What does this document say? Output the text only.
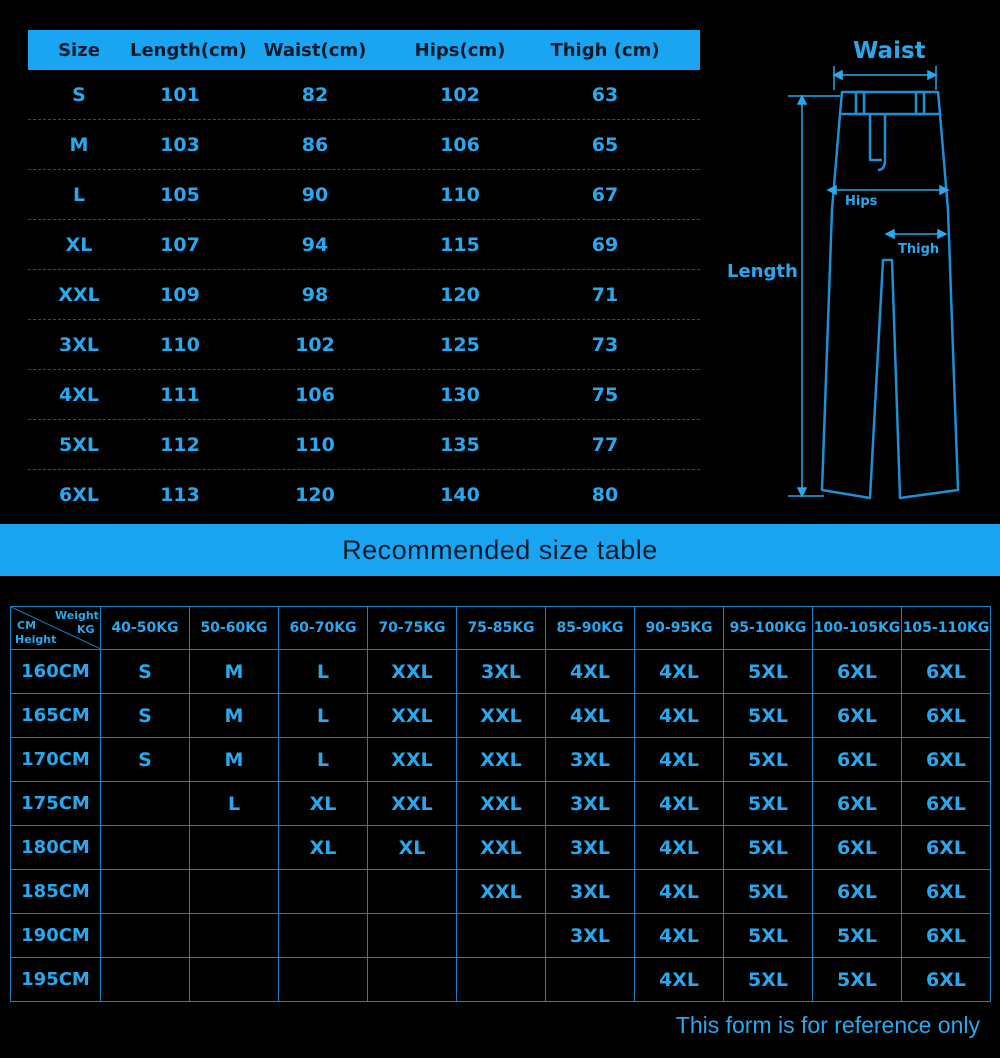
Size	Length(cm) Waist(cm)	Hips(cm)	Thigh (cm)
S	101	82	102	63
M	103	86	106	65
L	105	90	110	67
XL	107	94	115	69
XXL	109	98	120	71
3XL	110	102	125	73
4XL	111	106	130	75
5XL	112	110	135	77
6XL	113	120	140	80
Waist
Hips
Thigh
Length
Recommended size table
Weight
KG
CM
Height	40-50KG	50-60KG	60-70KG	70-75KG	75-85KG	85-90KG	90-95KG	95-100KG	100-105KG	105-110KG
160CM	S	M	L	XXL	3XL	4XL	4XL	5XL	6XL	6XL
165CM	S	M	L	XXL	XXL	4XL	4XL	5XL	6XL	6XL
170CM	S	M	L	XXL	XXL	3XL	4XL	5XL	6XL	6XL
175CM		L	XL	XXL	XXL	3XL	4XL	5XL	6XL	6XL
180CM			XL	XL	XXL	3XL	4XL	5XL	6XL	6XL
185CM					XXL	3XL	4XL	5XL	6XL	6XL
190CM						3XL	4XL	5XL	5XL	6XL
195CM							4XL	5XL	5XL	6XL
This form is for reference only
